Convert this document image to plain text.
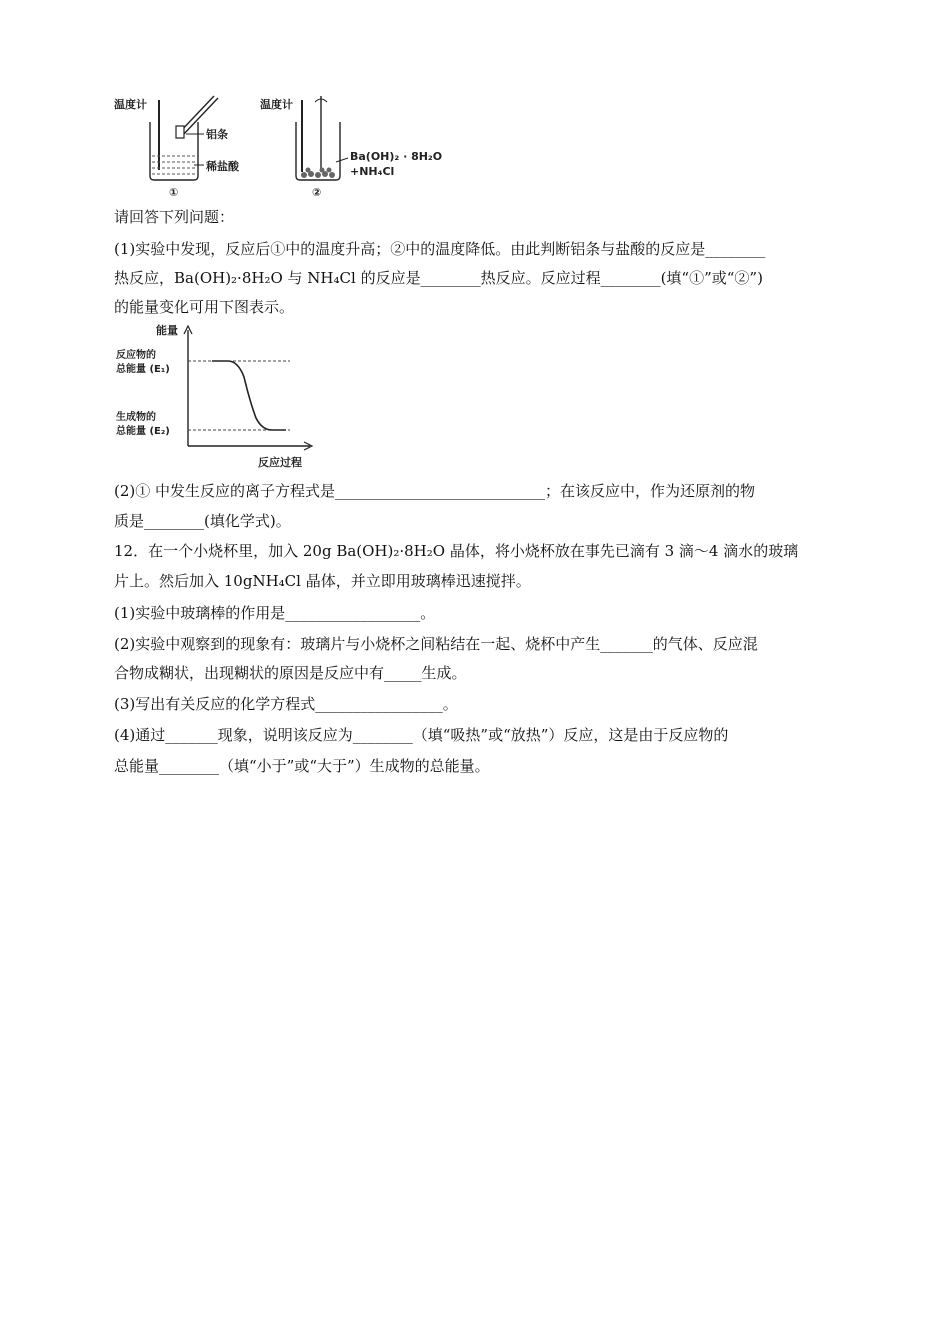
温度计
铝条
稀盐酸
①
温度计
Ba(OH)₂ · 8H₂O
+NH₄Cl
②
请回答下列问题：
(1)实验中发现，反应后①中的温度升高；②中的温度降低。由此判断铝条与盐酸的反应是________
热反应，Ba(OH)₂·8H₂O 与 NH₄Cl 的反应是________热反应。反应过程________(填“①”或“②”)
的能量变化可用下图表示。
能量
反应物的
总能量 (E₁)
生成物的
总能量 (E₂)
反应过程
(2)① 中发生反应的离子方程式是____________________________；在该反应中，作为还原剂的物
质是________(填化学式)。
12．在一个小烧杯里，加入 20g Ba(OH)₂·8H₂O 晶体，将小烧杯放在事先已滴有 3 滴～4 滴水的玻璃
片上。然后加入 10gNH₄Cl 晶体，并立即用玻璃棒迅速搅拌。
(1)实验中玻璃棒的作用是__________________。
(2)实验中观察到的现象有：玻璃片与小烧杯之间粘结在一起、烧杯中产生_______的气体、反应混
合物成糊状，出现糊状的原因是反应中有_____生成。
(3)写出有关反应的化学方程式_________________。
(4)通过_______现象，说明该反应为________（填“吸热”或“放热”）反应，这是由于反应物的
总能量________（填“小于”或“大于”）生成物的总能量。
